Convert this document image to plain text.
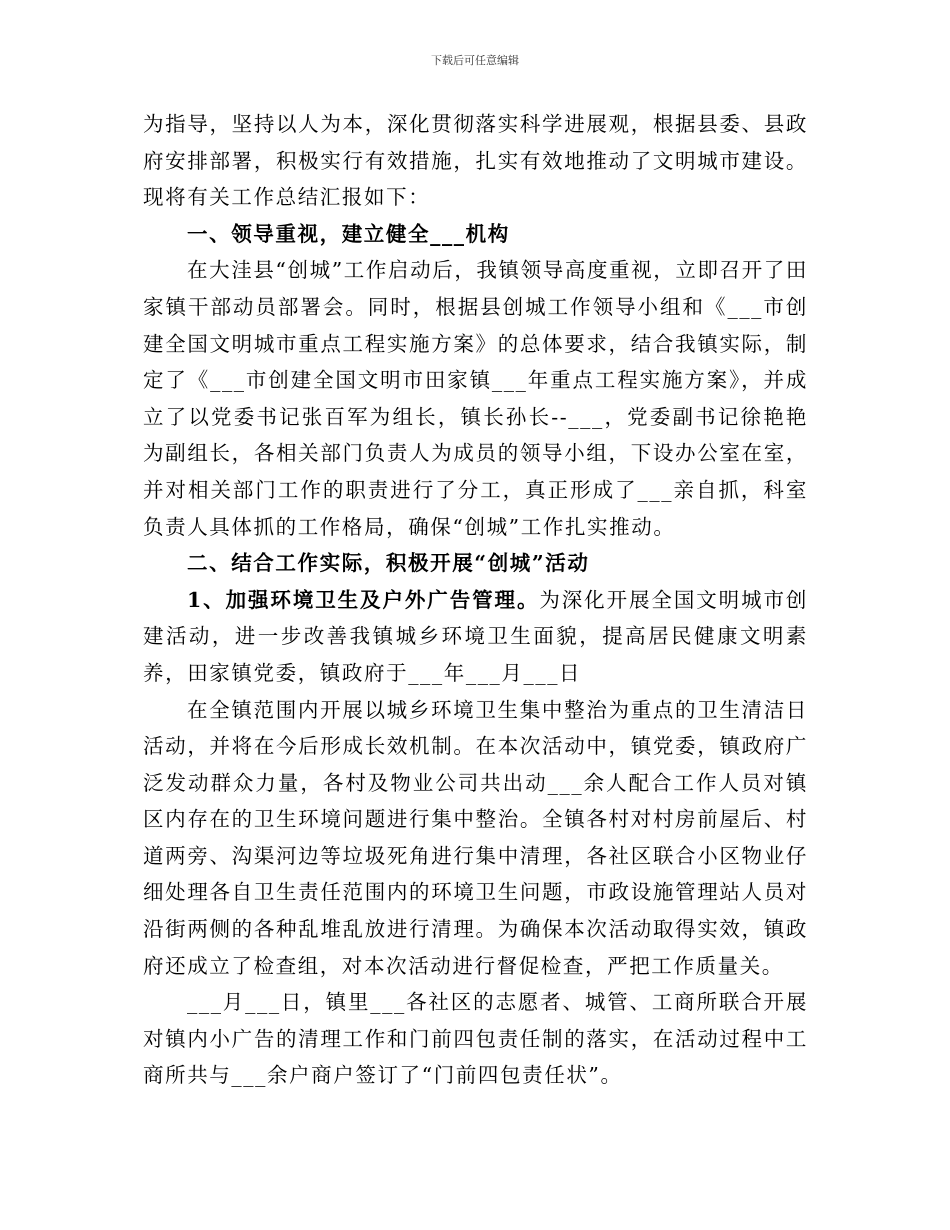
下载后可任意编辑

为指导，坚持以人为本，深化贯彻落实科学进展观，根据县委、县政府安排部署，积极实行有效措施，扎实有效地推动了文明城市建设。现将有关工作总结汇报如下：

一、领导重视，建立健全___机构

在大洼县“创城”工作启动后，我镇领导高度重视，立即召开了田家镇干部动员部署会。同时，根据县创城工作领导小组和《___市创建全国文明城市重点工程实施方案》的总体要求，结合我镇实际，制定了《___市创建全国文明市田家镇___年重点工程实施方案》，并成立了以党委书记张百军为组长，镇长孙长--___，党委副书记徐艳艳为副组长，各相关部门负责人为成员的领导小组，下设办公室在室，并对相关部门工作的职责进行了分工，真正形成了___亲自抓，科室负责人具体抓的工作格局，确保“创城”工作扎实推动。

二、结合工作实际，积极开展“创城”活动

1、加强环境卫生及户外广告管理。为深化开展全国文明城市创建活动，进一步改善我镇城乡环境卫生面貌，提高居民健康文明素养，田家镇党委，镇政府于___年___月___日

在全镇范围内开展以城乡环境卫生集中整治为重点的卫生清洁日活动，并将在今后形成长效机制。在本次活动中，镇党委，镇政府广泛发动群众力量，各村及物业公司共出动___余人配合工作人员对镇区内存在的卫生环境问题进行集中整治。全镇各村对村房前屋后、村道两旁、沟渠河边等垃圾死角进行集中清理，各社区联合小区物业仔细处理各自卫生责任范围内的环境卫生问题，市政设施管理站人员对沿街两侧的各种乱堆乱放进行清理。为确保本次活动取得实效，镇政府还成立了检查组，对本次活动进行督促检查，严把工作质量关。

___月___日，镇里___各社区的志愿者、城管、工商所联合开展对镇内小广告的清理工作和门前四包责任制的落实，在活动过程中工商所共与___余户商户签订了“门前四包责任状”。
